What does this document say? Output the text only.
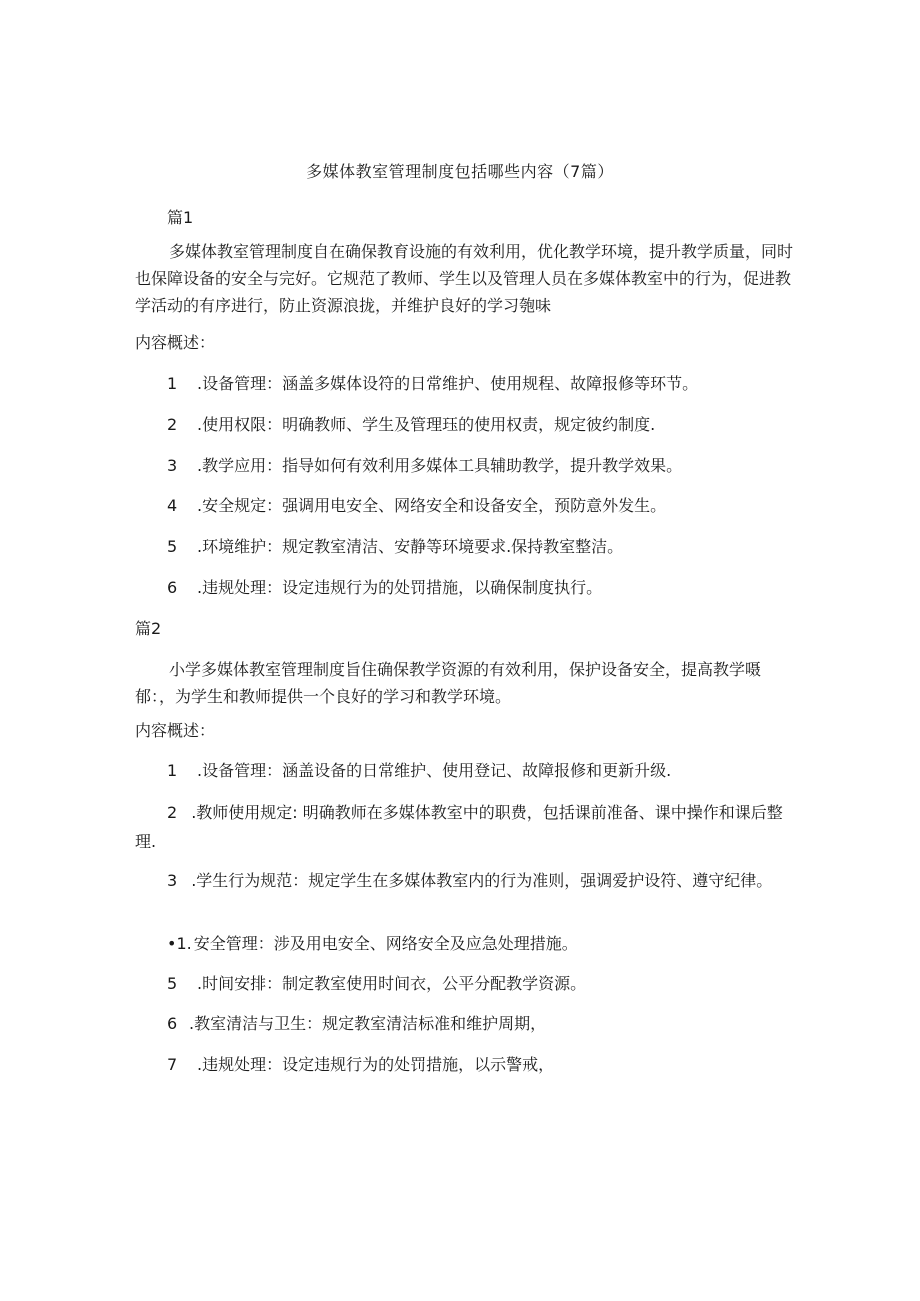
多媒体教室管理制度包括哪些内容（7篇）
篇1
多媒体教室管理制度自在确保教育设施的有效利用，优化教学环境，提升教学质量，同时也保障设备的安全与完好。它规范了教师、学生以及管理人员在多媒体教室中的行为，促进教学活动的有序进行，防止资源浪拢，并维护良好的学习匏味
内容概述：
1 .设备管理：涵盖多媒体设符的日常维护、使用规程、故障报修等环节。
2 .使用权限：明确教师、学生及管理珏的使用权责，规定彼约制度.
3 .教学应用：指导如何有效利用多媒体工具辅助教学，提升教学效果。
4 .安全规定：强调用电安全、网络安全和设备安全，预防意外发生。
5 .环境维护：规定教室清洁、安静等环境要求.保持教室整洁。
6 .违规处理：设定违规行为的处罚措施，以确保制度执行。
篇2
小学多媒体教室管理制度旨住确保教学资源的有效利用，保护设备安全，提高教学嗫郁：，为学生和教师提供一个良好的学习和教学环境。
内容概述：
1 .设备管理：涵盖设备的日常维护、使用登记、故障报修和更新升级.
2 .教师使用规定: 明确教师在多媒体教室中的职费，包括课前准备、课中操作和课后整理.
3 .学生行为规范：规定学生在多媒体教室内的行为准则，强调爱护设符、遵守纪律。
•1. 安全管理：涉及用电安全、网络安全及应急处理措施。
5 .时间安排：制定教室使用时间衣，公平分配教学资源。
6 .教室清洁与卫生：规定教室清洁标准和维护周期，
7 .违规处理：设定违规行为的处罚措施，以示警戒，
